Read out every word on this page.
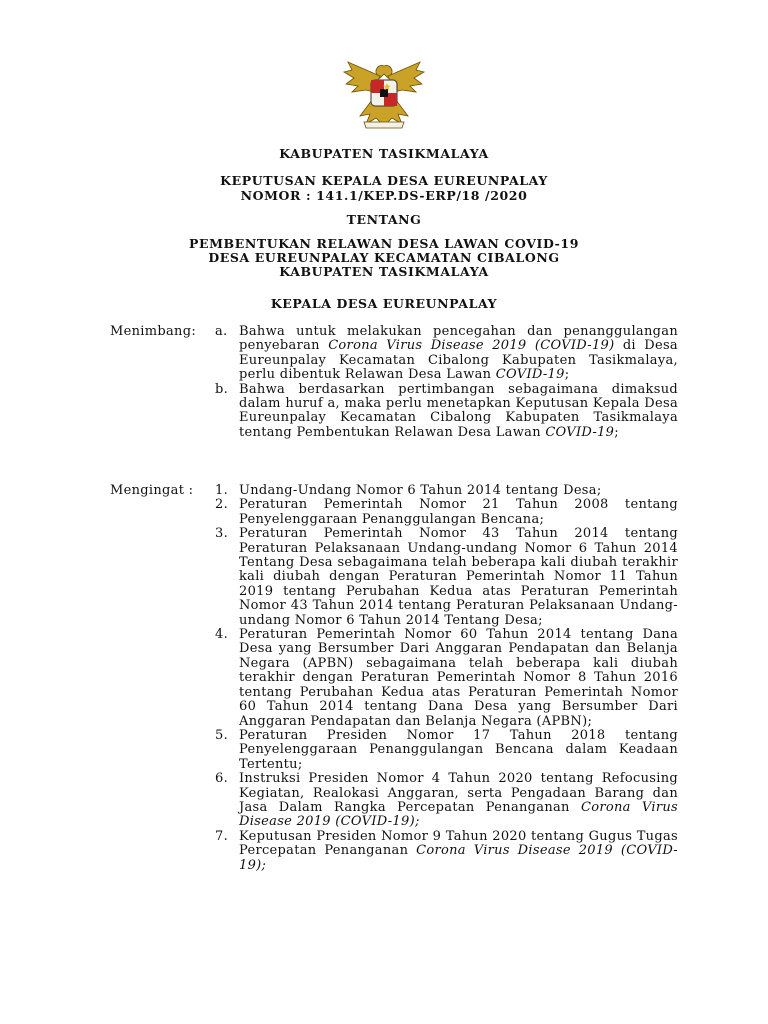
KABUPATEN TASIKMALAYA
KEPUTUSAN KEPALA DESA EUREUNPALAY
NOMOR : 141.1/KEP.DS-ERP/18 /2020
TENTANG
PEMBENTUKAN RELAWAN DESA LAWAN COVID-19
DESA EUREUNPALAY KECAMATAN CIBALONG
KABUPATEN TASIKMALAYA
KEPALA DESA EUREUNPALAY
Menimbang:	a. Bahwa untuk melakukan pencegahan dan penanggulangan penyebaran Corona Virus Disease 2019 (COVID-19) di Desa Eureunpalay Kecamatan Cibalong Kabupaten Tasikmalaya, perlu dibentuk Relawan Desa Lawan COVID-19;
b. Bahwa berdasarkan pertimbangan sebagaimana dimaksud dalam huruf a, maka perlu menetapkan Keputusan Kepala Desa Eureunpalay Kecamatan Cibalong Kabupaten Tasikmalaya tentang Pembentukan Relawan Desa Lawan COVID-19;
Mengingat :	1. Undang-Undang Nomor 6 Tahun 2014 tentang Desa;
2. Peraturan Pemerintah Nomor 21 Tahun 2008 tentang Penyelenggaraan Penanggulangan Bencana;
3. Peraturan Pemerintah Nomor 43 Tahun 2014 tentang Peraturan Pelaksanaan Undang-undang Nomor 6 Tahun 2014 Tentang Desa sebagaimana telah beberapa kali diubah terakhir kali diubah dengan Peraturan Pemerintah Nomor 11 Tahun 2019 tentang Perubahan Kedua atas Peraturan Pemerintah Nomor 43 Tahun 2014 tentang Peraturan Pelaksanaan Undang-undang Nomor 6 Tahun 2014 Tentang Desa;
4. Peraturan Pemerintah Nomor 60 Tahun 2014 tentang Dana Desa yang Bersumber Dari Anggaran Pendapatan dan Belanja Negara (APBN) sebagaimana telah beberapa kali diubah terakhir dengan Peraturan Pemerintah Nomor 8 Tahun 2016 tentang Perubahan Kedua atas Peraturan Pemerintah Nomor 60 Tahun 2014 tentang Dana Desa yang Bersumber Dari Anggaran Pendapatan dan Belanja Negara (APBN);
5. Peraturan Presiden Nomor 17 Tahun 2018 tentang Penyelenggaraan Penanggulangan Bencana dalam Keadaan Tertentu;
6. Instruksi Presiden Nomor 4 Tahun 2020 tentang Refocusing Kegiatan, Realokasi Anggaran, serta Pengadaan Barang dan Jasa Dalam Rangka Percepatan Penanganan Corona Virus Disease 2019 (COVID-19);
7. Keputusan Presiden Nomor 9 Tahun 2020 tentang Gugus Tugas Percepatan Penanganan Corona Virus Disease 2019 (COVID-19);
